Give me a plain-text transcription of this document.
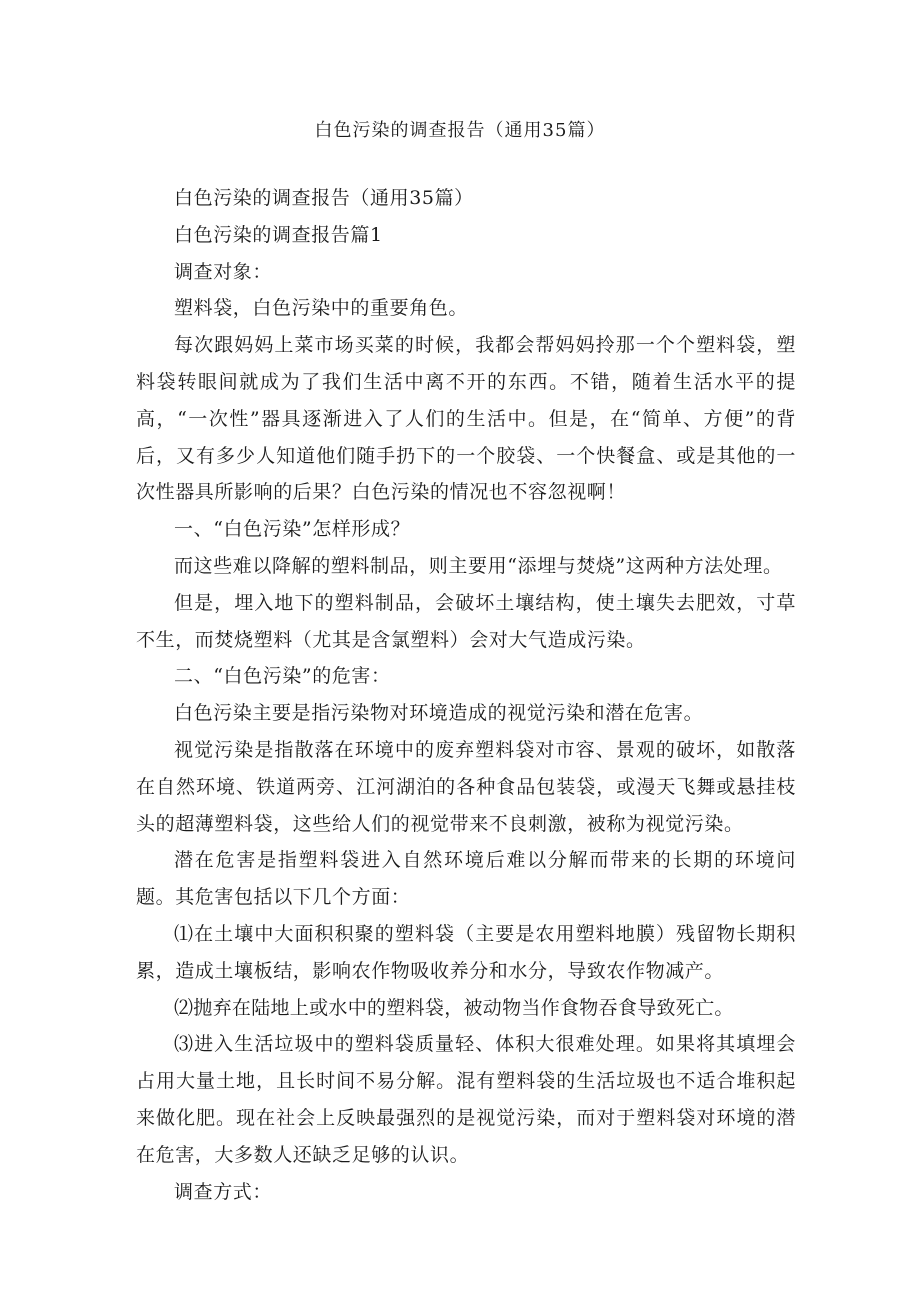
白色污染的调查报告（通用35篇）

白色污染的调查报告（通用35篇）

白色污染的调查报告篇1

调查对象：

塑料袋，白色污染中的重要角色。

每次跟妈妈上菜市场买菜的时候，我都会帮妈妈拎那一个个塑料袋，塑料袋转眼间就成为了我们生活中离不开的东西。不错，随着生活水平的提高，“一次性”器具逐渐进入了人们的生活中。但是，在“简单、方便”的背后，又有多少人知道他们随手扔下的一个胶袋、一个快餐盒、或是其他的一次性器具所影响的后果？白色污染的情况也不容忽视啊！

一、“白色污染”怎样形成？

而这些难以降解的塑料制品，则主要用“添埋与焚烧”这两种方法处理。

但是，埋入地下的塑料制品，会破坏土壤结构，使土壤失去肥效，寸草不生，而焚烧塑料（尤其是含氯塑料）会对大气造成污染。

二、“白色污染”的危害：

白色污染主要是指污染物对环境造成的视觉污染和潜在危害。

视觉污染是指散落在环境中的废弃塑料袋对市容、景观的破坏，如散落在自然环境、铁道两旁、江河湖泊的各种食品包装袋，或漫天飞舞或悬挂枝头的超薄塑料袋，这些给人们的视觉带来不良刺激，被称为视觉污染。

潜在危害是指塑料袋进入自然环境后难以分解而带来的长期的环境问题。其危害包括以下几个方面：

⑴在土壤中大面积积聚的塑料袋（主要是农用塑料地膜）残留物长期积累，造成土壤板结，影响农作物吸收养分和水分，导致农作物减产。

⑵抛弃在陆地上或水中的塑料袋，被动物当作食物吞食导致死亡。

⑶进入生活垃圾中的塑料袋质量轻、体积大很难处理。如果将其填埋会占用大量土地，且长时间不易分解。混有塑料袋的生活垃圾也不适合堆积起来做化肥。现在社会上反映最强烈的是视觉污染，而对于塑料袋对环境的潜在危害，大多数人还缺乏足够的认识。

调查方式：
